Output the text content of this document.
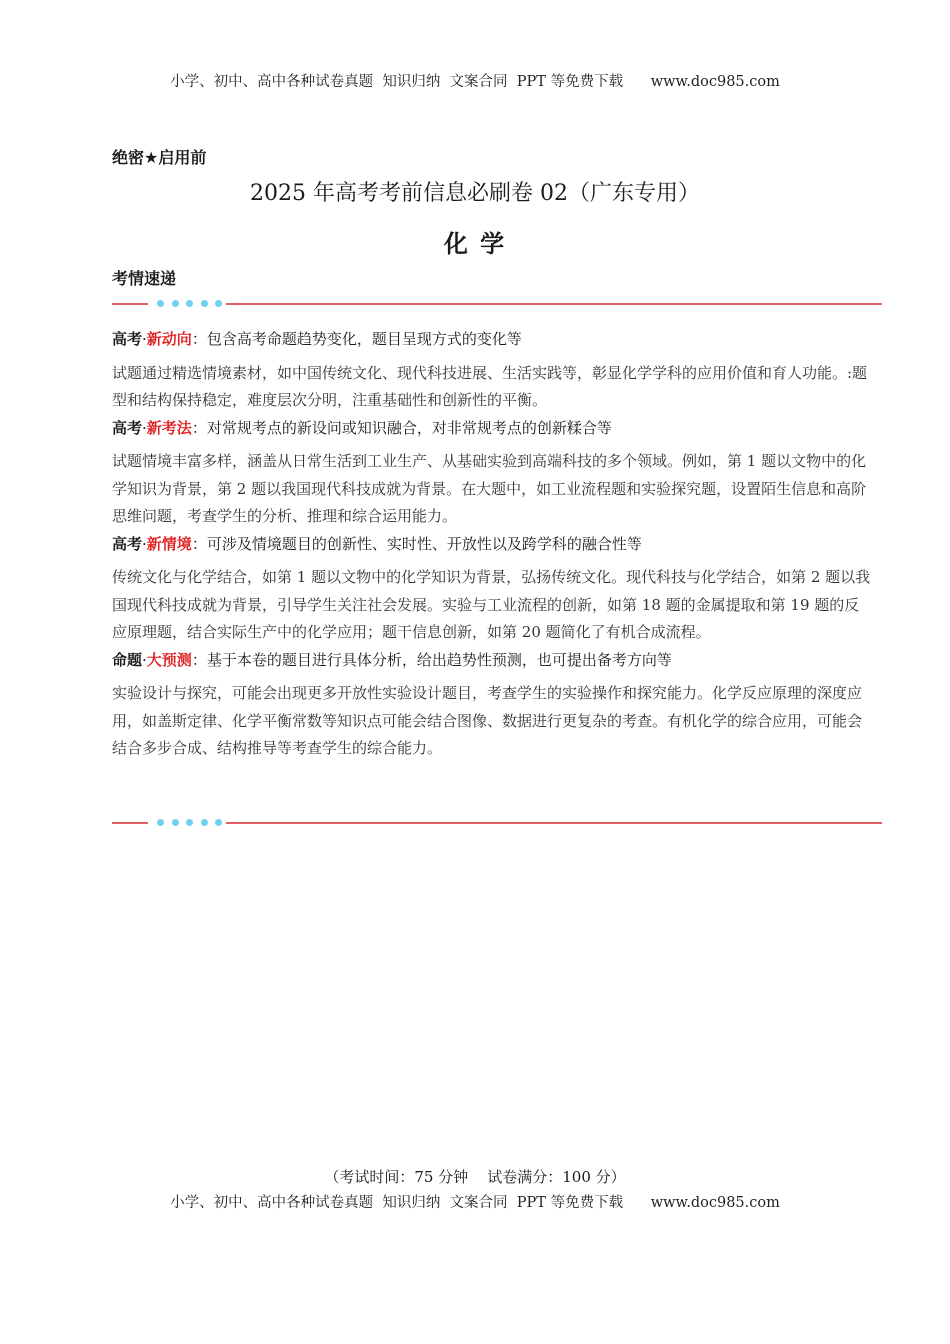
小学、初中、高中各种试卷真题  知识归纳  文案合同  PPT 等免费下载      www.doc985.com
绝密★启用前
2025 年高考考前信息必刷卷 02（广东专用）
化 学
考情速递

高考·新动向：包含高考命题趋势变化，题目呈现方式的变化等

试题通过精选情境素材，如中国传统文化、现代科技进展、生活实践等，彰显化学学科的应用价值和育人功能。:题型和结构保持稳定，难度层次分明，注重基础性和创新性的平衡。

高考·新考法：对常规考点的新设问或知识融合，对非常规考点的创新糅合等

试题情境丰富多样，涵盖从日常生活到工业生产、从基础实验到高端科技的多个领域。例如，第 1 题以文物中的化学知识为背景，第 2 题以我国现代科技成就为背景。在大题中，如工业流程题和实验探究题，设置陌生信息和高阶思维问题，考查学生的分析、推理和综合运用能力。

高考·新情境：可涉及情境题目的创新性、实时性、开放性以及跨学科的融合性等

传统文化与化学结合，如第 1 题以文物中的化学知识为背景，弘扬传统文化。现代科技与化学结合，如第 2 题以我国现代科技成就为背景，引导学生关注社会发展。实验与工业流程的创新，如第 18 题的金属提取和第 19 题的反应原理题，结合实际生产中的化学应用；题干信息创新，如第 20 题简化了有机合成流程。

命题·大预测：基于本卷的题目进行具体分析，给出趋势性预测，也可提出备考方向等

实验设计与探究，可能会出现更多开放性实验设计题目，考查学生的实验操作和探究能力。化学反应原理的深度应用，如盖斯定律、化学平衡常数等知识点可能会结合图像、数据进行更复杂的考查。有机化学的综合应用，可能会结合多步合成、结构推导等考查学生的综合能力。

（考试时间：75 分钟    试卷满分：100 分）
小学、初中、高中各种试卷真题  知识归纳  文案合同  PPT 等免费下载      www.doc985.com
